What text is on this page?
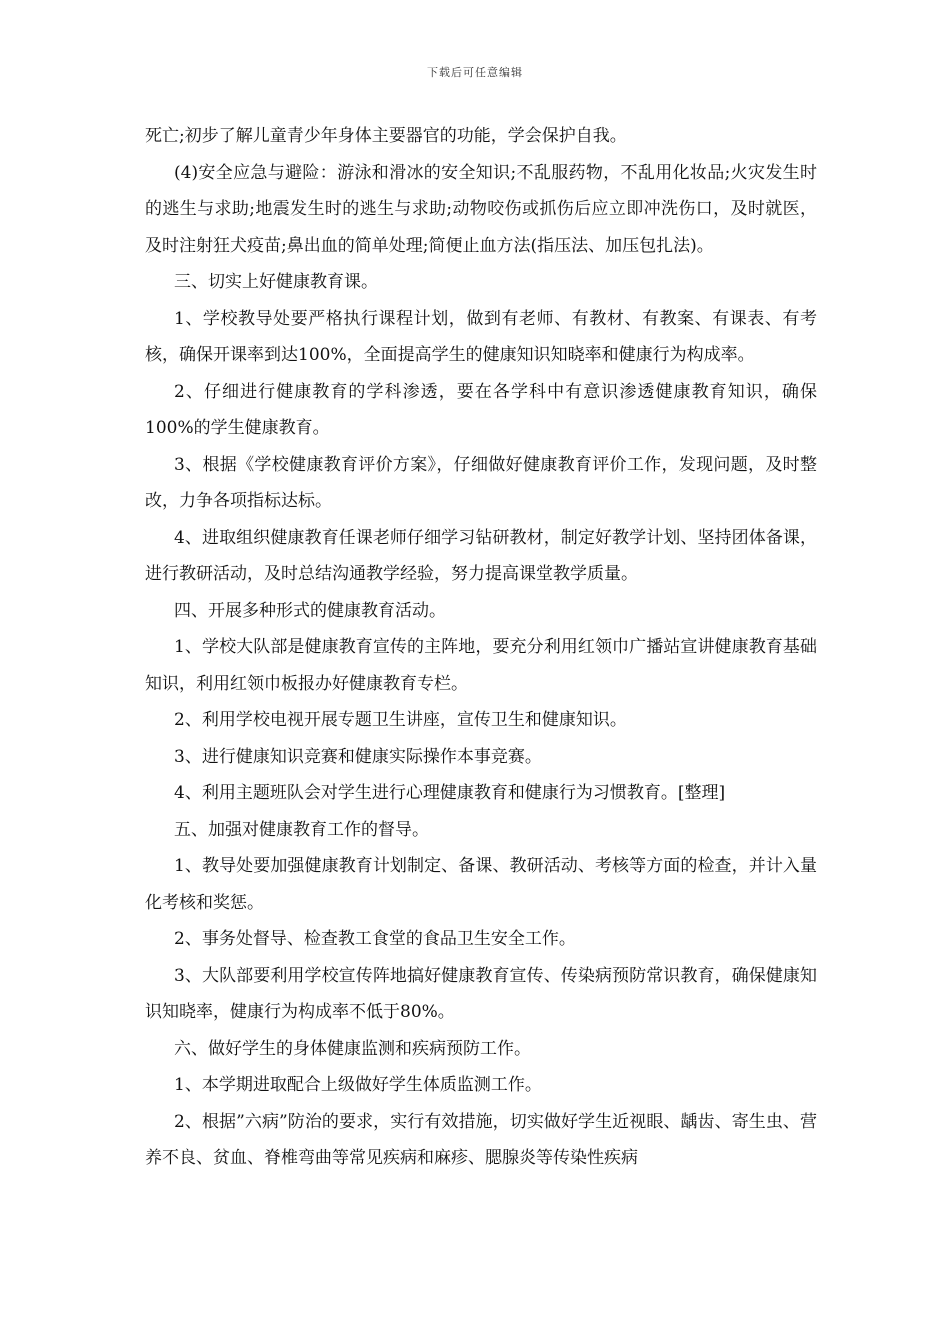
下载后可任意编辑

死亡;初步了解儿童青少年身体主要器官的功能，学会保护自我。

(4)安全应急与避险：游泳和滑冰的安全知识;不乱服药物，不乱用化妆品;火灾发生时的逃生与求助;地震发生时的逃生与求助;动物咬伤或抓伤后应立即冲洗伤口，及时就医，及时注射狂犬疫苗;鼻出血的简单处理;简便止血方法(指压法、加压包扎法)。

三、切实上好健康教育课。

1、学校教导处要严格执行课程计划，做到有老师、有教材、有教案、有课表、有考核，确保开课率到达100%，全面提高学生的健康知识知晓率和健康行为构成率。

2、仔细进行健康教育的学科渗透，要在各学科中有意识渗透健康教育知识，确保100%的学生健康教育。

3、根据《学校健康教育评价方案》，仔细做好健康教育评价工作，发现问题，及时整改，力争各项指标达标。

4、进取组织健康教育任课老师仔细学习钻研教材，制定好教学计划、坚持团体备课，进行教研活动，及时总结沟通教学经验，努力提高课堂教学质量。

四、开展多种形式的健康教育活动。

1、学校大队部是健康教育宣传的主阵地，要充分利用红领巾广播站宣讲健康教育基础知识，利用红领巾板报办好健康教育专栏。

2、利用学校电视开展专题卫生讲座，宣传卫生和健康知识。

3、进行健康知识竞赛和健康实际操作本事竞赛。

4、利用主题班队会对学生进行心理健康教育和健康行为习惯教育。[整理]

五、加强对健康教育工作的督导。

1、教导处要加强健康教育计划制定、备课、教研活动、考核等方面的检查，并计入量化考核和奖惩。

2、事务处督导、检查教工食堂的食品卫生安全工作。

3、大队部要利用学校宣传阵地搞好健康教育宣传、传染病预防常识教育，确保健康知识知晓率，健康行为构成率不低于80%。

六、做好学生的身体健康监测和疾病预防工作。

1、本学期进取配合上级做好学生体质监测工作。

2、根据”六病”防治的要求，实行有效措施，切实做好学生近视眼、龋齿、寄生虫、营养不良、贫血、脊椎弯曲等常见疾病和麻疹、腮腺炎等传染性疾病
